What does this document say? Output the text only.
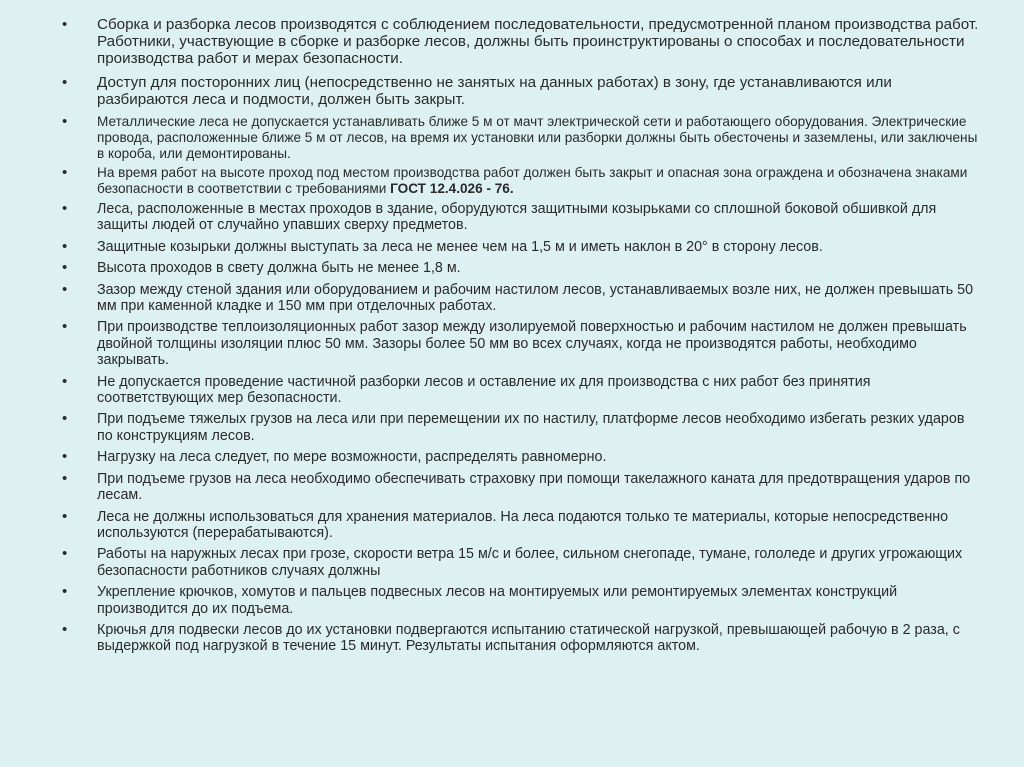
• Сборка и разборка лесов производятся с соблюдением последовательности, предусмотренной планом производства работ. Работники, участвующие в сборке и разборке лесов, должны быть проинструктированы о способах и последовательности производства работ и мерах безопасности.
• Доступ для посторонних лиц (непосредственно не занятых на данных работах) в зону, где устанавливаются или разбираются леса и подмости, должен быть закрыт.
• Металлические леса не допускается устанавливать ближе 5 м от мачт электрической сети и работающего оборудования. Электрические провода, расположенные ближе 5 м от лесов, на время их установки или разборки должны быть обесточены и заземлены, или заключены в короба, или демонтированы.
• На время работ на высоте проход под местом производства работ должен быть закрыт и опасная зона ограждена и обозначена знаками безопасности в соответствии с требованиями ГОСТ 12.4.026 - 76.
• Леса, расположенные в местах проходов в здание, оборудуются защитными козырьками со сплошной боковой обшивкой для защиты людей от случайно упавших сверху предметов.
• Защитные козырьки должны выступать за леса не менее чем на 1,5 м и иметь наклон в 20° в сторону лесов.
• Высота проходов в свету должна быть не менее 1,8 м.
• Зазор между стеной здания или оборудованием и рабочим настилом лесов, устанавливаемых возле них, не должен превышать 50 мм при каменной кладке и 150 мм при отделочных работах.
• При производстве теплоизоляционных работ зазор между изолируемой поверхностью и рабочим настилом не должен превышать двойной толщины изоляции плюс 50 мм. Зазоры более 50 мм во всех случаях, когда не производятся работы, необходимо закрывать.
• Не допускается проведение частичной разборки лесов и оставление их для производства с них работ без принятия соответствующих мер безопасности.
• При подъеме тяжелых грузов на леса или при перемещении их по настилу, платформе лесов необходимо избегать резких ударов по конструкциям лесов.
• Нагрузку на леса следует, по мере возможности, распределять равномерно.
• При подъеме грузов на леса необходимо обеспечивать страховку при помощи такелажного каната для предотвращения ударов по лесам.
• Леса не должны использоваться для хранения материалов. На леса подаются только те материалы, которые непосредственно используются (перерабатываются).
• Работы на наружных лесах при грозе, скорости ветра 15 м/с и более, сильном снегопаде, тумане, гололеде и других угрожающих безопасности работников случаях должны
• Укрепление крючков, хомутов и пальцев подвесных лесов на монтируемых или ремонтируемых элементах конструкций производится до их подъема.
• Крючья для подвески лесов до их установки подвергаются испытанию статической нагрузкой, превышающей рабочую в 2 раза, с выдержкой под нагрузкой в течение 15 минут. Результаты испытания оформляются актом.
